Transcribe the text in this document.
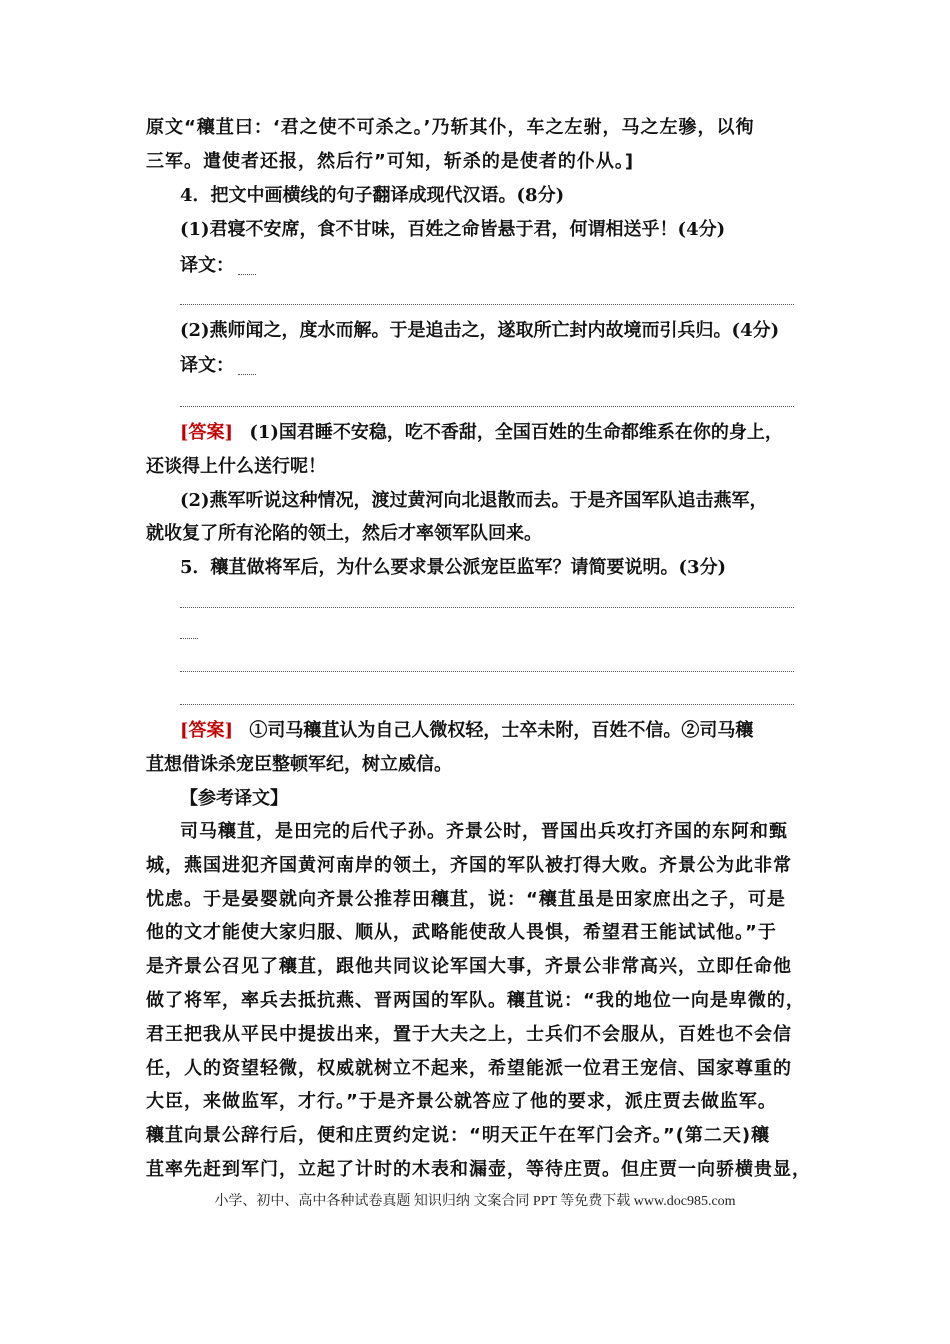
原文“穰苴曰：‘君之使不可杀之。’乃斩其仆，车之左驸，马之左骖，以徇
三军。遣使者还报，然后行”可知，斩杀的是使者的仆从。]
4．把文中画横线的句子翻译成现代汉语。(8分)
(1)君寝不安席，食不甘味，百姓之命皆悬于君，何谓相送乎！(4分)
译文：
(2)燕师闻之，度水而解。于是追击之，遂取所亡封内故境而引兵归。(4分)
译文：
[答案] (1)国君睡不安稳，吃不香甜，全国百姓的生命都维系在你的身上，
还谈得上什么送行呢！
(2)燕军听说这种情况，渡过黄河向北退散而去。于是齐国军队追击燕军，
就收复了所有沦陷的领土，然后才率领军队回来。
5．穰苴做将军后，为什么要求景公派宠臣监军？请简要说明。(3分)
[答案] ①司马穰苴认为自己人微权轻，士卒未附，百姓不信。②司马穰
苴想借诛杀宠臣整顿军纪，树立威信。
【参考译文】
司马穰苴，是田完的后代子孙。齐景公时，晋国出兵攻打齐国的东阿和甄
城，燕国进犯齐国黄河南岸的领土，齐国的军队被打得大败。齐景公为此非常
忧虑。于是晏婴就向齐景公推荐田穰苴，说：“穰苴虽是田家庶出之子，可是
他的文才能使大家归服、顺从，武略能使敌人畏惧，希望君王能试试他。”于
是齐景公召见了穰苴，跟他共同议论军国大事，齐景公非常高兴，立即任命他
做了将军，率兵去抵抗燕、晋两国的军队。穰苴说：“我的地位一向是卑微的，
君王把我从平民中提拔出来，置于大夫之上，士兵们不会服从，百姓也不会信
任，人的资望轻微，权威就树立不起来，希望能派一位君王宠信、国家尊重的
大臣，来做监军，才行。”于是齐景公就答应了他的要求，派庄贾去做监军。
穰苴向景公辞行后，便和庄贾约定说：“明天正午在军门会齐。”(第二天)穰
苴率先赶到军门，立起了计时的木表和漏壶，等待庄贾。但庄贾一向骄横贵显，
小学、初中、高中各种试卷真题 知识归纳 文案合同 PPT 等免费下载 www.doc985.com
